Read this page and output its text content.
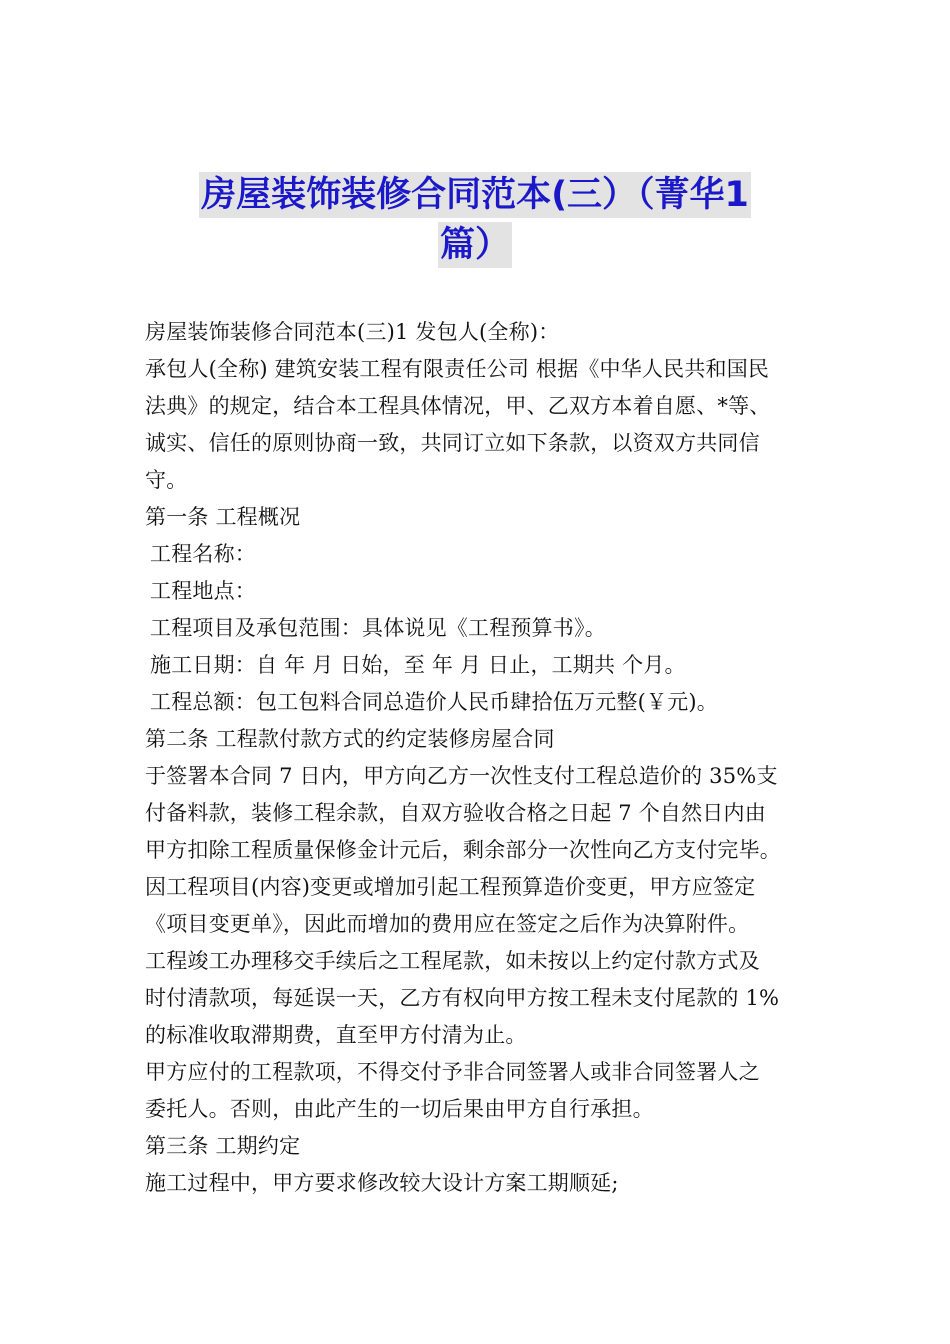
房屋装饰装修合同范本(三）（菁华1
篇）

房屋装饰装修合同范本(三)1 发包人(全称)：

承包人(全称) 建筑安装工程有限责任公司 根据《中华人民共和国民

法典》的规定，结合本工程具体情况，甲、乙双方本着自愿、*等、

诚实、信任的原则协商一致，共同订立如下条款，以资双方共同信

守。

第一条 工程概况

工程名称：

工程地点：

工程项目及承包范围：具体说见《工程预算书》。

施工日期：自 年 月 日始，至 年 月 日止，工期共 个月。

工程总额：包工包料合同总造价人民币肆拾伍万元整(￥元)。

第二条 工程款付款方式的约定装修房屋合同

于签署本合同 7 日内，甲方向乙方一次性支付工程总造价的 35%支

付备料款，装修工程余款，自双方验收合格之日起 7 个自然日内由

甲方扣除工程质量保修金计元后，剩余部分一次性向乙方支付完毕。

因工程项目(内容)变更或增加引起工程预算造价变更，甲方应签定

《项目变更单》，因此而增加的费用应在签定之后作为决算附件。

工程竣工办理移交手续后之工程尾款，如未按以上约定付款方式及

时付清款项，每延误一天，乙方有权向甲方按工程未支付尾款的 1%

的标准收取滞期费，直至甲方付清为止。

甲方应付的工程款项，不得交付予非合同签署人或非合同签署人之

委托人。否则，由此产生的一切后果由甲方自行承担。

第三条 工期约定

施工过程中，甲方要求修改较大设计方案工期顺延;
